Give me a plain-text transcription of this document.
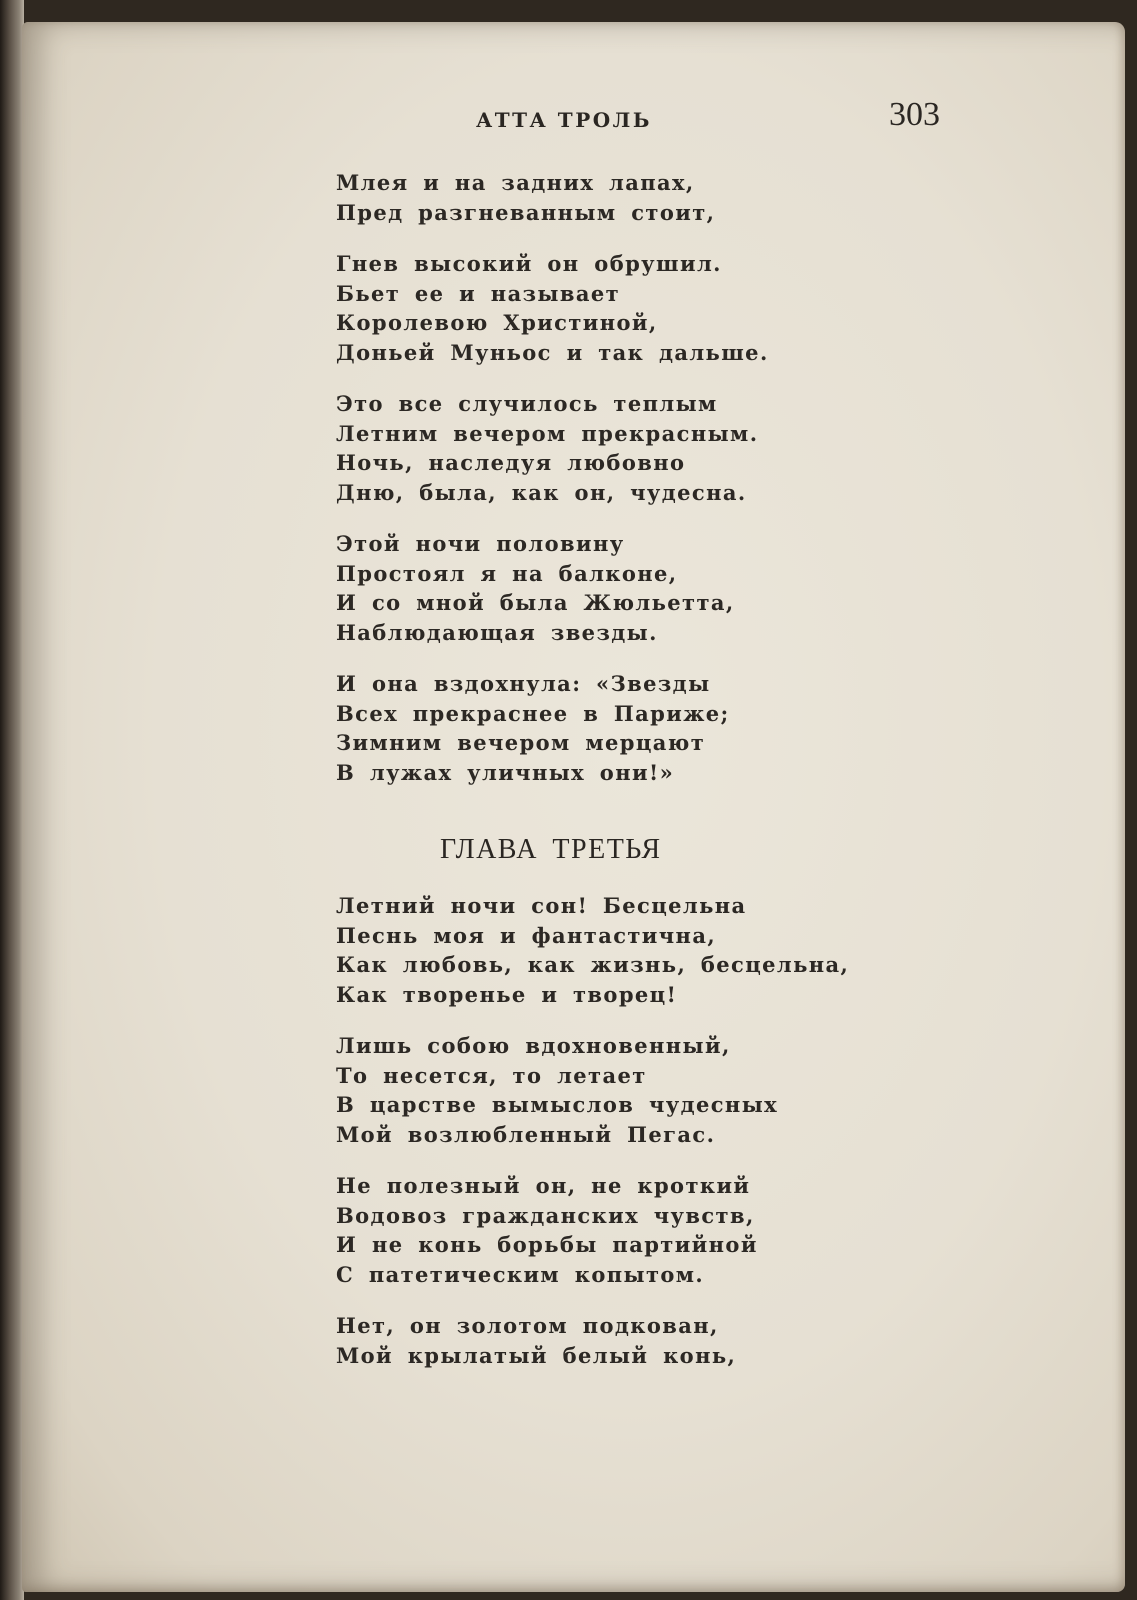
АТТА ТРОЛЬ	303
Млея и на задних лапах,
Пред разгневанным стоит,
Гнев высокий он обрушил.
Бьет ее и называет
Королевою Христиной,
Доньей Муньос и так дальше.
Это все случилось теплым
Летним вечером прекрасным.
Ночь, наследуя любовно
Дню, была, как он, чудесна.
Этой ночи половину
Простоял я на балконе,
И со мной была Жюльетта,
Наблюдающая звезды.
И она вздохнула: «Звезды
Всех прекраснее в Париже;
Зимним вечером мерцают
В лужах уличных они!»
ГЛАВА ТРЕТЬЯ
Летний ночи сон! Бесцельна
Песнь моя и фантастична,
Как любовь, как жизнь, бесцельна,
Как творенье и творец!
Лишь собою вдохновенный,
То несется, то летает
В царстве вымыслов чудесных
Мой возлюбленный Пегас.
Не полезный он, не кроткий
Водовоз гражданских чувств,
И не конь борьбы партийной
С патетическим копытом.
Нет, он золотом подкован,
Мой крылатый белый конь,
